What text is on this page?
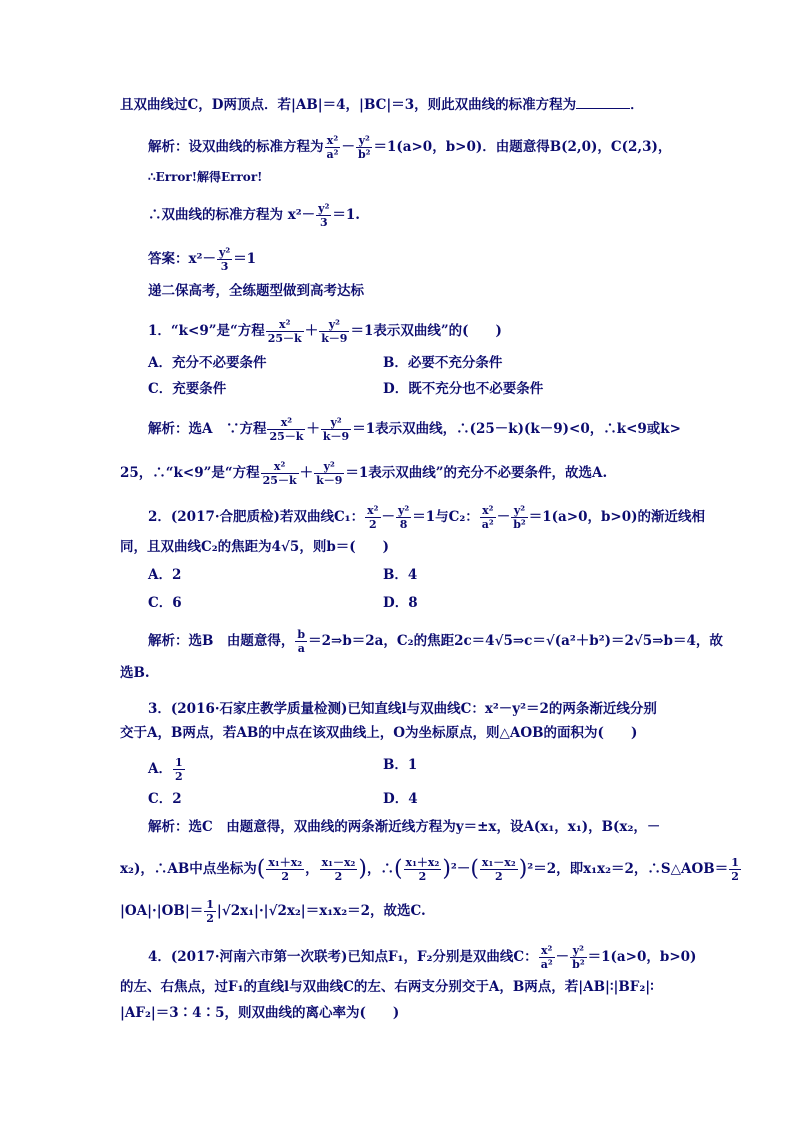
且双曲线过C，D两顶点．若|AB|＝4，|BC|＝3，则此双曲线的标准方程为	．
解析：设双曲线的标准方程为 $\frac{\text{x²}}{\text{a²}} - \frac{\text{y²}}{\text{b²}} =1(a>0$，b>0)．由题意得B(2,0)，C(2,3)，
∴Error!解得Error!
∴双曲线的标准方程为 $x^2- \frac{\text{y²}}{3} =1$.
答案：$x^2- \frac{\text{y²}}{3} =1$
递二保高考，全练题型做到高考达标
1．“k<9”是“方程 $\frac{\text{x²}}{25-k} + \frac{\text{y²}}{k-9} =1$表示双曲线”的(　　)
A．充分不必要条件	B．必要不充分条件
C．充要条件	D．既不充分也不必要条件
解析：选A　∵方程 $\frac{\text{x²}}{25-k} + \frac{\text{y²}}{k-9} =1$表示双曲线，∴(25－k)(k－9)<0，∴k<9或k>
25，∴“k<9”是“方程 $\frac{\text{x²}}{25-k} + \frac{\text{y²}}{k-9} =1$表示双曲线”的充分不必要条件，故选A.
2．(2017·合肥质检)若双曲线C₁： $\frac{\text{x²}}{2} - \frac{\text{y²}}{8} =1$与C₂： $\frac{\text{x²}}{\text{a²}} - \frac{\text{y²}}{\text{b²}} =1(a>0$，b>0)的渐近线相
同，且双曲线C₂的焦距为4√5，则b＝(　　)
A．2	B．4
C．6	D．8
解析：选B　由题意得， $\frac{b}{a}$ ＝2⇒b＝2a，C₂的焦距2c＝4√5⇒c＝√(a²＋b²)＝2√5⇒b＝4，故
选B.
3．(2016·石家庄教学质量检测)已知直线l与双曲线C：x²－y²＝2的两条渐近线分别
交于A，B两点，若AB的中点在该双曲线上，O为坐标原点，则△AOB的面积为(　　)
A． $\frac{1}{2}$	B．1
C．2	D．4
解析：选C　由题意得，双曲线的两条渐近线方程为y＝±x，设A(x₁，x₁)，B(x₂，－
x₂)，∴AB中点坐标为( $\frac{\text{x₁＋x₂}}{2}$ ， $\frac{\text{x₁－x₂}}{2}$ )，∴( $\frac{\text{x₁＋x₂}}{2} )^2-( \frac{\text{x₁－x₂}}{2} )^2=2$，即x₁x₂＝2，∴S△AOB＝ $\frac{1}{2}$
$|OA|\cdot|OB|= \frac{1}{2} |√2x_1|\cdot|√2x_2|=x_1x_2=2$，故选C.
4．(2017·河南六市第一次联考)已知点F₁，F₂分别是双曲线C： $\frac{\text{x²}}{\text{a²}} - \frac{\text{y²}}{\text{b²}} =1(a>0$，b>0)
的左、右焦点，过F₁的直线l与双曲线C的左、右两支分别交于A，B两点，若|AB|∶|BF₂|∶
|AF₂|＝3∶4∶5，则双曲线的离心率为(　　)
